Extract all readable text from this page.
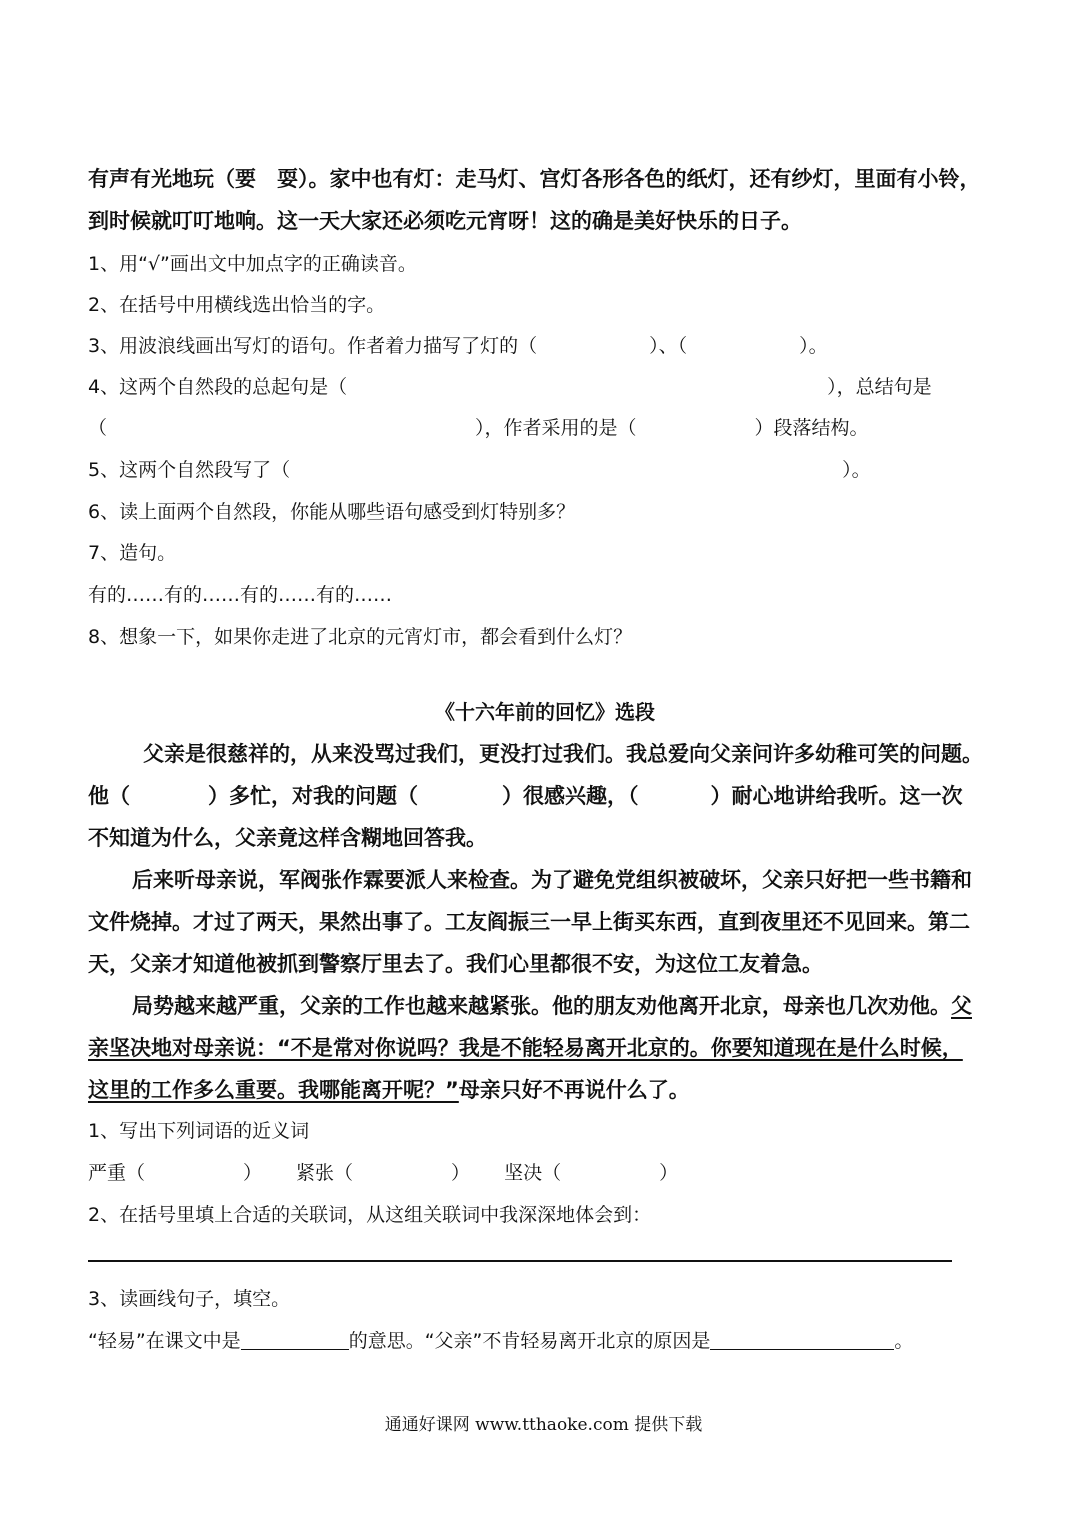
有声有光地玩（要　耍）。家中也有灯：走马灯、宫灯各形各色的纸灯，还有纱灯，里面有小铃，
到时候就叮叮地响。这一天大家还必须吃元宵呀！这的确是美好快乐的日子。
1、用“√”画出文中加点字的正确读音。
2、在括号中用横线选出恰当的字。
3、用波浪线画出写灯的语句。作者着力描写了灯的（	）、（	）。
4、这两个自然段的总起句是（	），总结句是
（	），作者采用的是（	）段落结构。
5、这两个自然段写了（	）。
6、读上面两个自然段，你能从哪些语句感受到灯特别多？
7、造句。
有的……有的……有的……有的……
8、想象一下，如果你走进了北京的元宵灯市，都会看到什么灯？
《十六年前的回忆》选段
父亲是很慈祥的，从来没骂过我们，更没打过我们。我总爱向父亲问许多幼稚可笑的问题。
他（	）多忙，对我的问题（	）很感兴趣，（	）耐心地讲给我听。这一次
不知道为什么，父亲竟这样含糊地回答我。
后来听母亲说，军阀张作霖要派人来检查。为了避免党组织被破坏，父亲只好把一些书籍和
文件烧掉。才过了两天，果然出事了。工友阎振三一早上街买东西，直到夜里还不见回来。第二
天，父亲才知道他被抓到警察厅里去了。我们心里都很不安，为这位工友着急。
局势越来越严重，父亲的工作也越来越紧张。他的朋友劝他离开北京，母亲也几次劝他。父
亲坚决地对母亲说：“不是常对你说吗？我是不能轻易离开北京的。你要知道现在是什么时候，
这里的工作多么重要。我哪能离开呢？”母亲只好不再说什么了。
1、写出下列词语的近义词
严重（	） 紧张（	） 坚决（	）
2、在括号里填上合适的关联词，从这组关联词中我深深地体会到：
3、读画线句子，填空。
“轻易”在课文中是	的意思。“父亲”不肯轻易离开北京的原因是	。
通通好课网 www.tthaoke.com 提供下载
